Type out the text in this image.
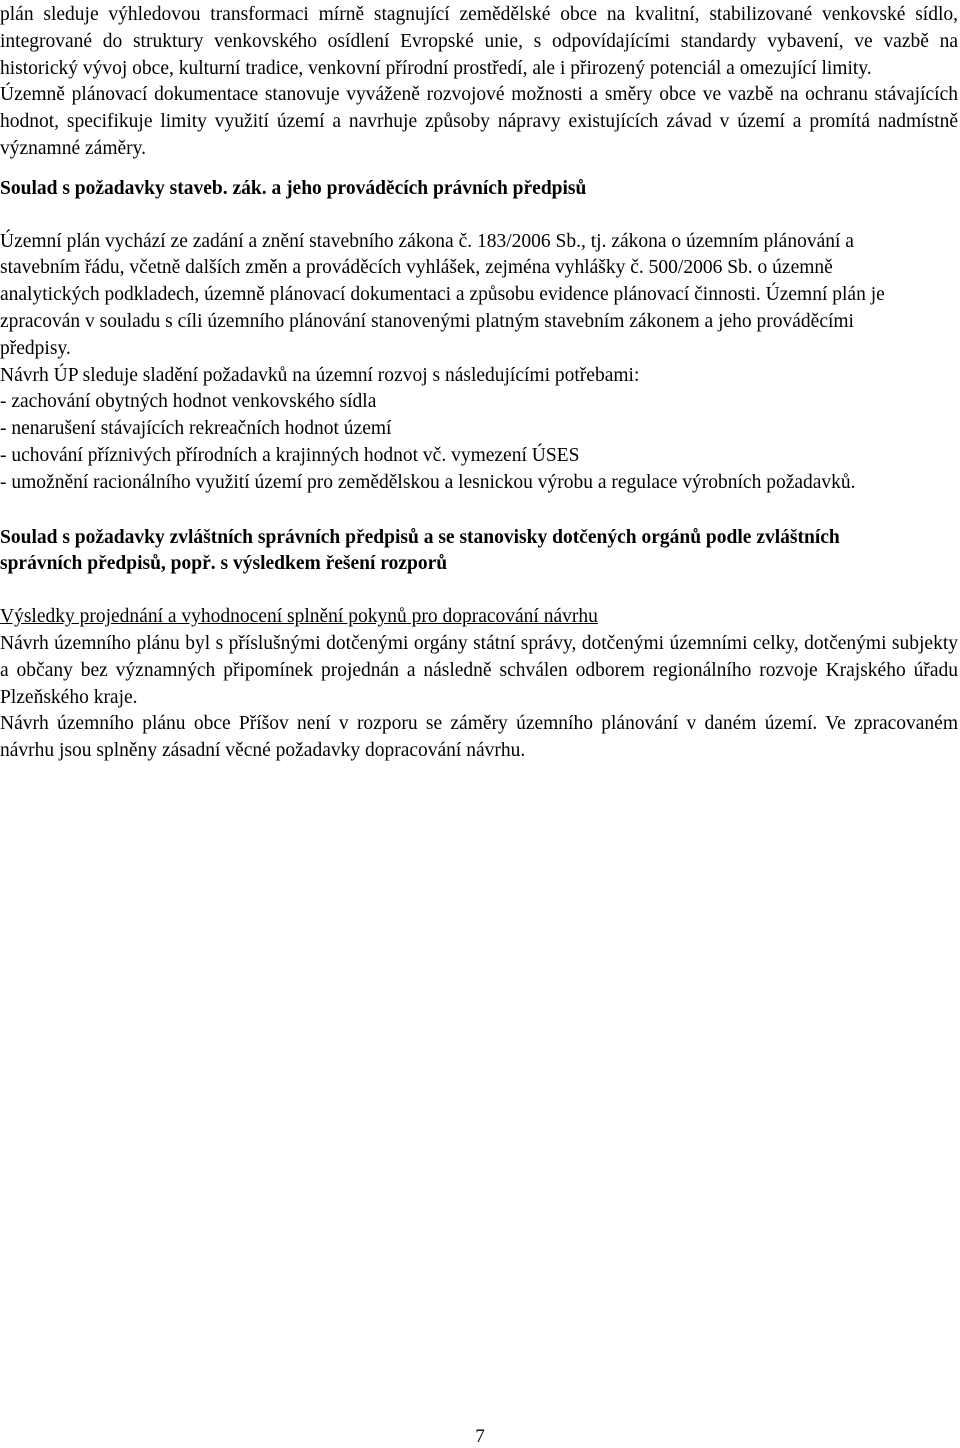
plán sleduje výhledovou transformaci mírně stagnující zemědělské obce na kvalitní, stabilizované venkovské sídlo, integrované do struktury venkovského osídlení Evropské unie, s odpovídajícími standardy vybavení, ve vazbě na historický vývoj obce, kulturní tradice, venkovní přírodní prostředí, ale i přirozený potenciál a omezující limity.

Územně plánovací dokumentace stanovuje vyváženě rozvojové možnosti a směry obce ve vazbě na ochranu stávajících hodnot, specifikuje limity využití území a navrhuje způsoby nápravy existujících závad v území a promítá nadmístně významné záměry.

Soulad s požadavky staveb. zák. a jeho prováděcích právních předpisů

Územní plán vychází ze zadání a znění stavebního zákona č. 183/2006 Sb., tj. zákona o územním plánování a stavebním řádu, včetně dalších změn a prováděcích vyhlášek, zejména vyhlášky č. 500/2006 Sb. o územně analytických podkladech, územně plánovací dokumentaci a způsobu evidence plánovací činnosti. Územní plán je zpracován v souladu s cíli územního plánování stanovenými platným stavebním zákonem a jeho prováděcími předpisy.

Návrh ÚP sleduje sladění požadavků na územní rozvoj s následujícími potřebami:

- zachování obytných hodnot venkovského sídla

- nenarušení stávajících rekreačních hodnot území

- uchování příznivých přírodních a krajinných hodnot vč. vymezení ÚSES

- umožnění racionálního využití území pro zemědělskou a lesnickou výrobu a regulace výrobních požadavků.

Soulad s požadavky zvláštních správních předpisů a se stanovisky dotčených orgánů podle zvláštních správních předpisů, popř. s výsledkem řešení rozporů

Výsledky projednání a vyhodnocení splnění pokynů pro dopracování návrhu

Návrh územního plánu byl s příslušnými dotčenými orgány státní správy, dotčenými územními celky, dotčenými subjekty a občany bez významných připomínek projednán a následně schválen odborem regionálního rozvoje Krajského úřadu Plzeňského kraje.

Návrh územního plánu obce Příšov není v rozporu se záměry územního plánování v daném území. Ve zpracovaném návrhu jsou splněny zásadní věcné požadavky dopracování návrhu.

7
